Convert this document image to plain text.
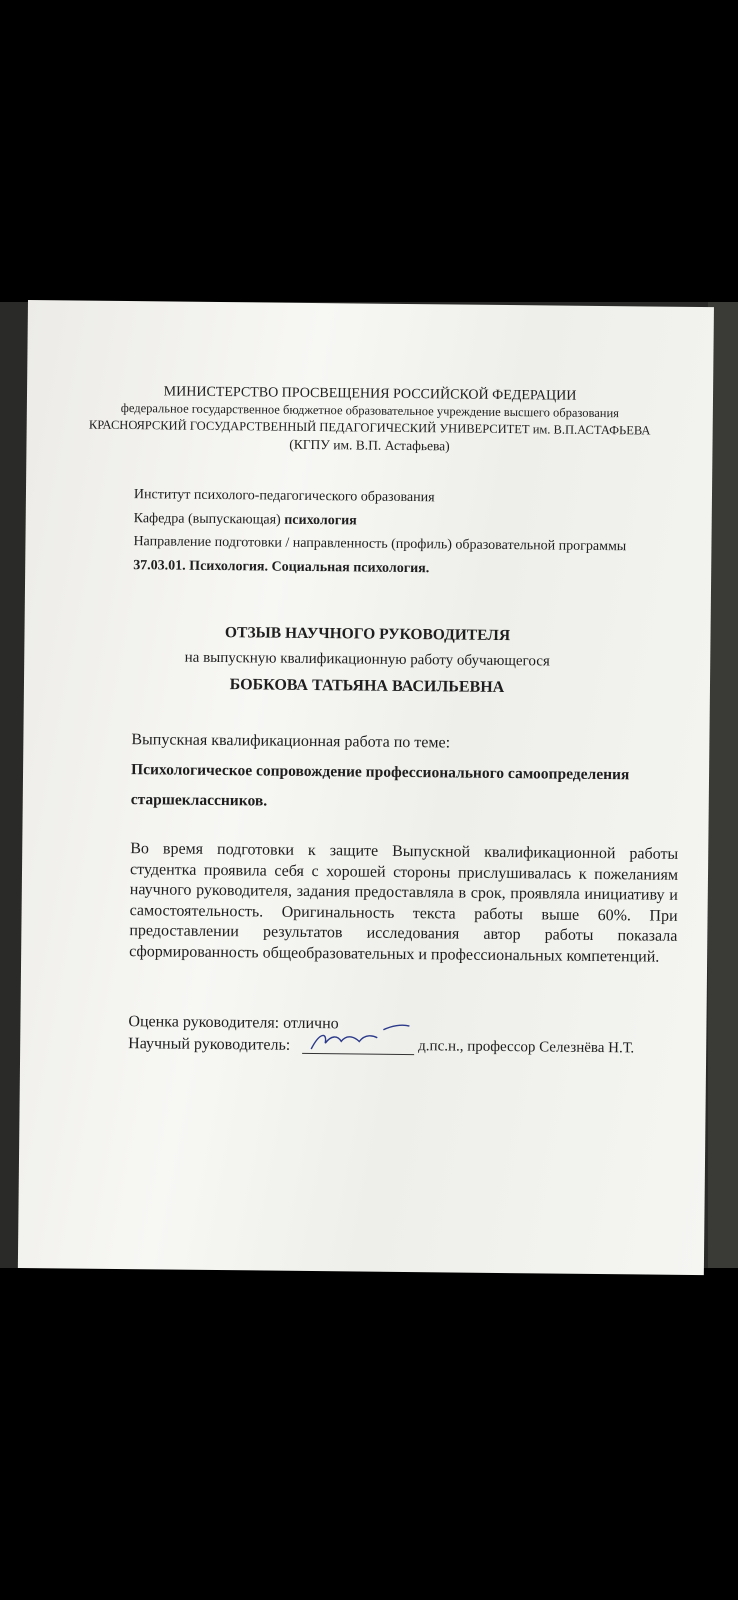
МИНИСТЕРСТВО ПРОСВЕЩЕНИЯ РОССИЙСКОЙ ФЕДЕРАЦИИ
федеральное государственное бюджетное образовательное учреждение высшего образования
КРАСНОЯРСКИЙ ГОСУДАРСТВЕННЫЙ ПЕДАГОГИЧЕСКИЙ УНИВЕРСИТЕТ им. В.П.АСТАФЬЕВА
(КГПУ им. В.П. Астафьева)
Институт психолого-педагогического образования
Кафедра (выпускающая) психология
Направление подготовки / направленность (профиль) образовательной программы
37.03.01. Психология. Социальная психология.
ОТЗЫВ НАУЧНОГО РУКОВОДИТЕЛЯ
на выпускную квалификационную работу обучающегося
БОБКОВА ТАТЬЯНА ВАСИЛЬЕВНА
Выпускная квалификационная работа по теме:
Психологическое сопровождение профессионального самоопределения
старшеклассников.
Во время подготовки к защите Выпускной квалификационной работы студентка проявила себя с хорошей стороны прислушивалась к пожеланиям научного руководителя, задания предоставляла в срок, проявляла инициативу и самостоятельность. Оригинальность текста работы выше 60%. При предоставлении результатов исследования автор работы показала сформированность общеобразовательных и профессиональных компетенций.
Оценка руководителя: отлично
Научный руководитель:	д.пс.н., профессор Селезнёва Н.Т.
